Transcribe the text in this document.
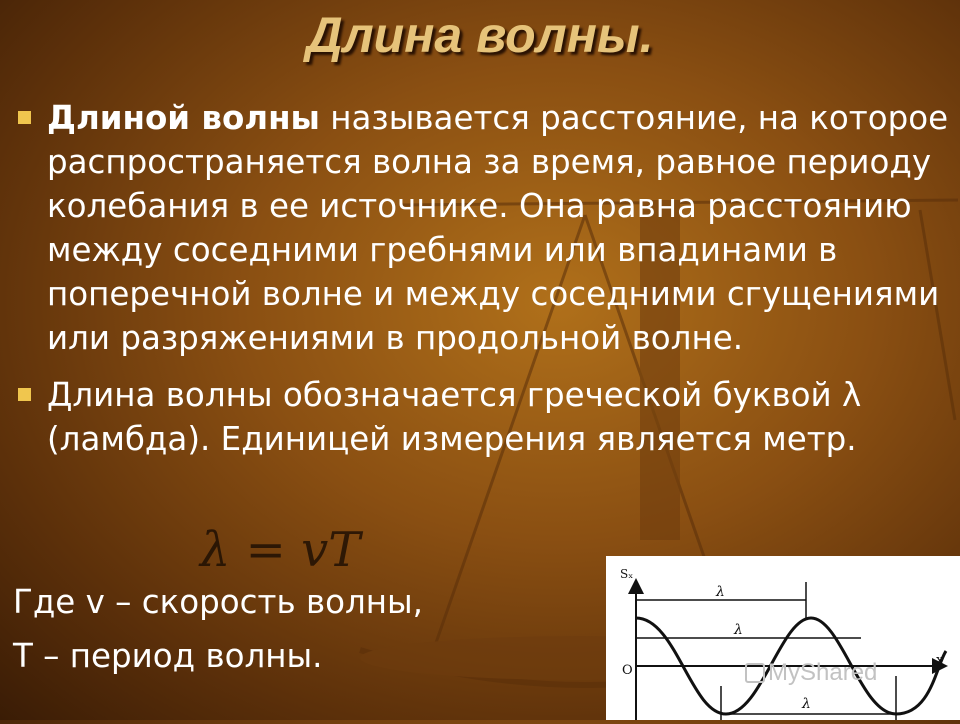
Длина волны.
Длиной волны называется расстояние, на которое распространяется волна за время, равное периоду колебания в ее источнике. Она равна расстоянию между соседними гребнями или впадинами в поперечной волне и между соседними сгущениями или разряжениями в продольной волне.
Длина волны обозначается греческой буквой λ (ламбда). Единицей измерения является метр.
λ = vT
Где v – скорость волны,
T – период волны.
Sₓ
x
O
λ
λ
λ
MyShared
